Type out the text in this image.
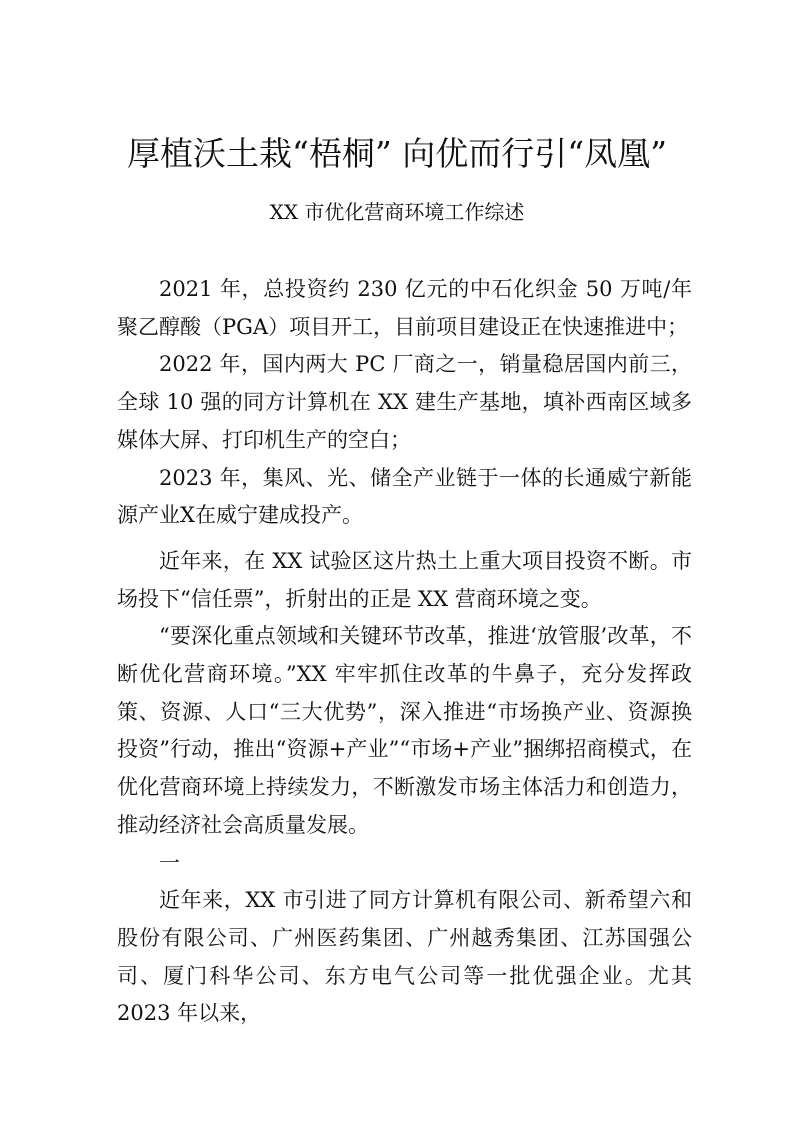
厚植沃土栽“梧桐” 向优而行引“凤凰”
XX 市优化营商环境工作综述

2021 年，总投资约 230 亿元的中石化织金 50 万吨/年聚乙醇酸（PGA）项目开工，目前项目建设正在快速推进中；

2022 年，国内两大 PC 厂商之一，销量稳居国内前三，全球 10 强的同方计算机在 XX 建生产基地，填补西南区域多媒体大屏、打印机生产的空白；

2023 年，集风、光、储全产业链于一体的长通威宁新能源产业X在威宁建成投产。

近年来，在 XX 试验区这片热土上重大项目投资不断。市场投下“信任票”，折射出的正是 XX 营商环境之变。

“要深化重点领域和关键环节改革，推进‘放管服’改革，不断优化营商环境。”XX 牢牢抓住改革的牛鼻子，充分发挥政策、资源、人口“三大优势”，深入推进“市场换产业、资源换投资”行动，推出“资源+产业”“市场+产业”捆绑招商模式，在优化营商环境上持续发力，不断激发市场主体活力和创造力，推动经济社会高质量发展。

一

近年来，XX 市引进了同方计算机有限公司、新希望六和股份有限公司、广州医药集团、广州越秀集团、江苏国强公司、厦门科华公司、东方电气公司等一批优强企业。尤其 2023 年以来，
